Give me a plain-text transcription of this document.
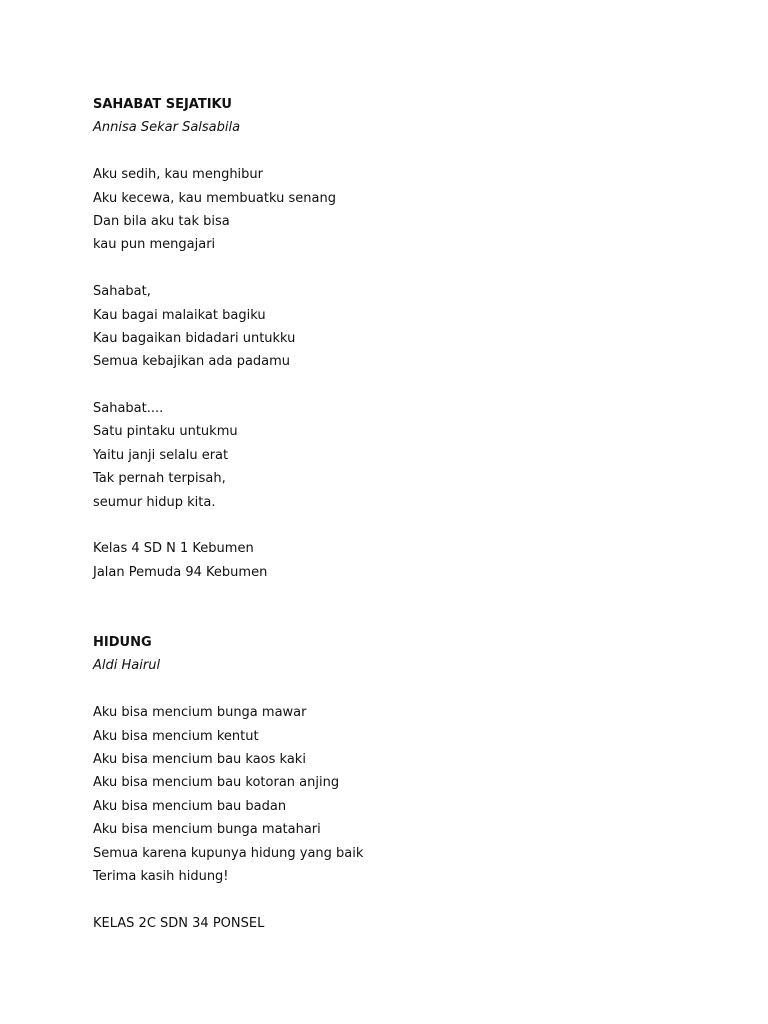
SAHABAT SEJATIKU
Annisa Sekar Salsabila
Aku sedih, kau menghibur
Aku kecewa, kau membuatku senang
Dan bila aku tak bisa
kau pun mengajari
Sahabat,
Kau bagai malaikat bagiku
Kau bagaikan bidadari untukku
Semua kebajikan ada padamu
Sahabat....
Satu pintaku untukmu
Yaitu janji selalu erat
Tak pernah terpisah,
seumur hidup kita.
Kelas 4 SD N 1 Kebumen
Jalan Pemuda 94 Kebumen
HIDUNG
Aldi Hairul
Aku bisa mencium bunga mawar
Aku bisa mencium kentut
Aku bisa mencium bau kaos kaki
Aku bisa mencium bau kotoran anjing
Aku bisa mencium bau badan
Aku bisa mencium bunga matahari
Semua karena kupunya hidung yang baik
Terima kasih hidung!
KELAS 2C SDN 34 PONSEL
